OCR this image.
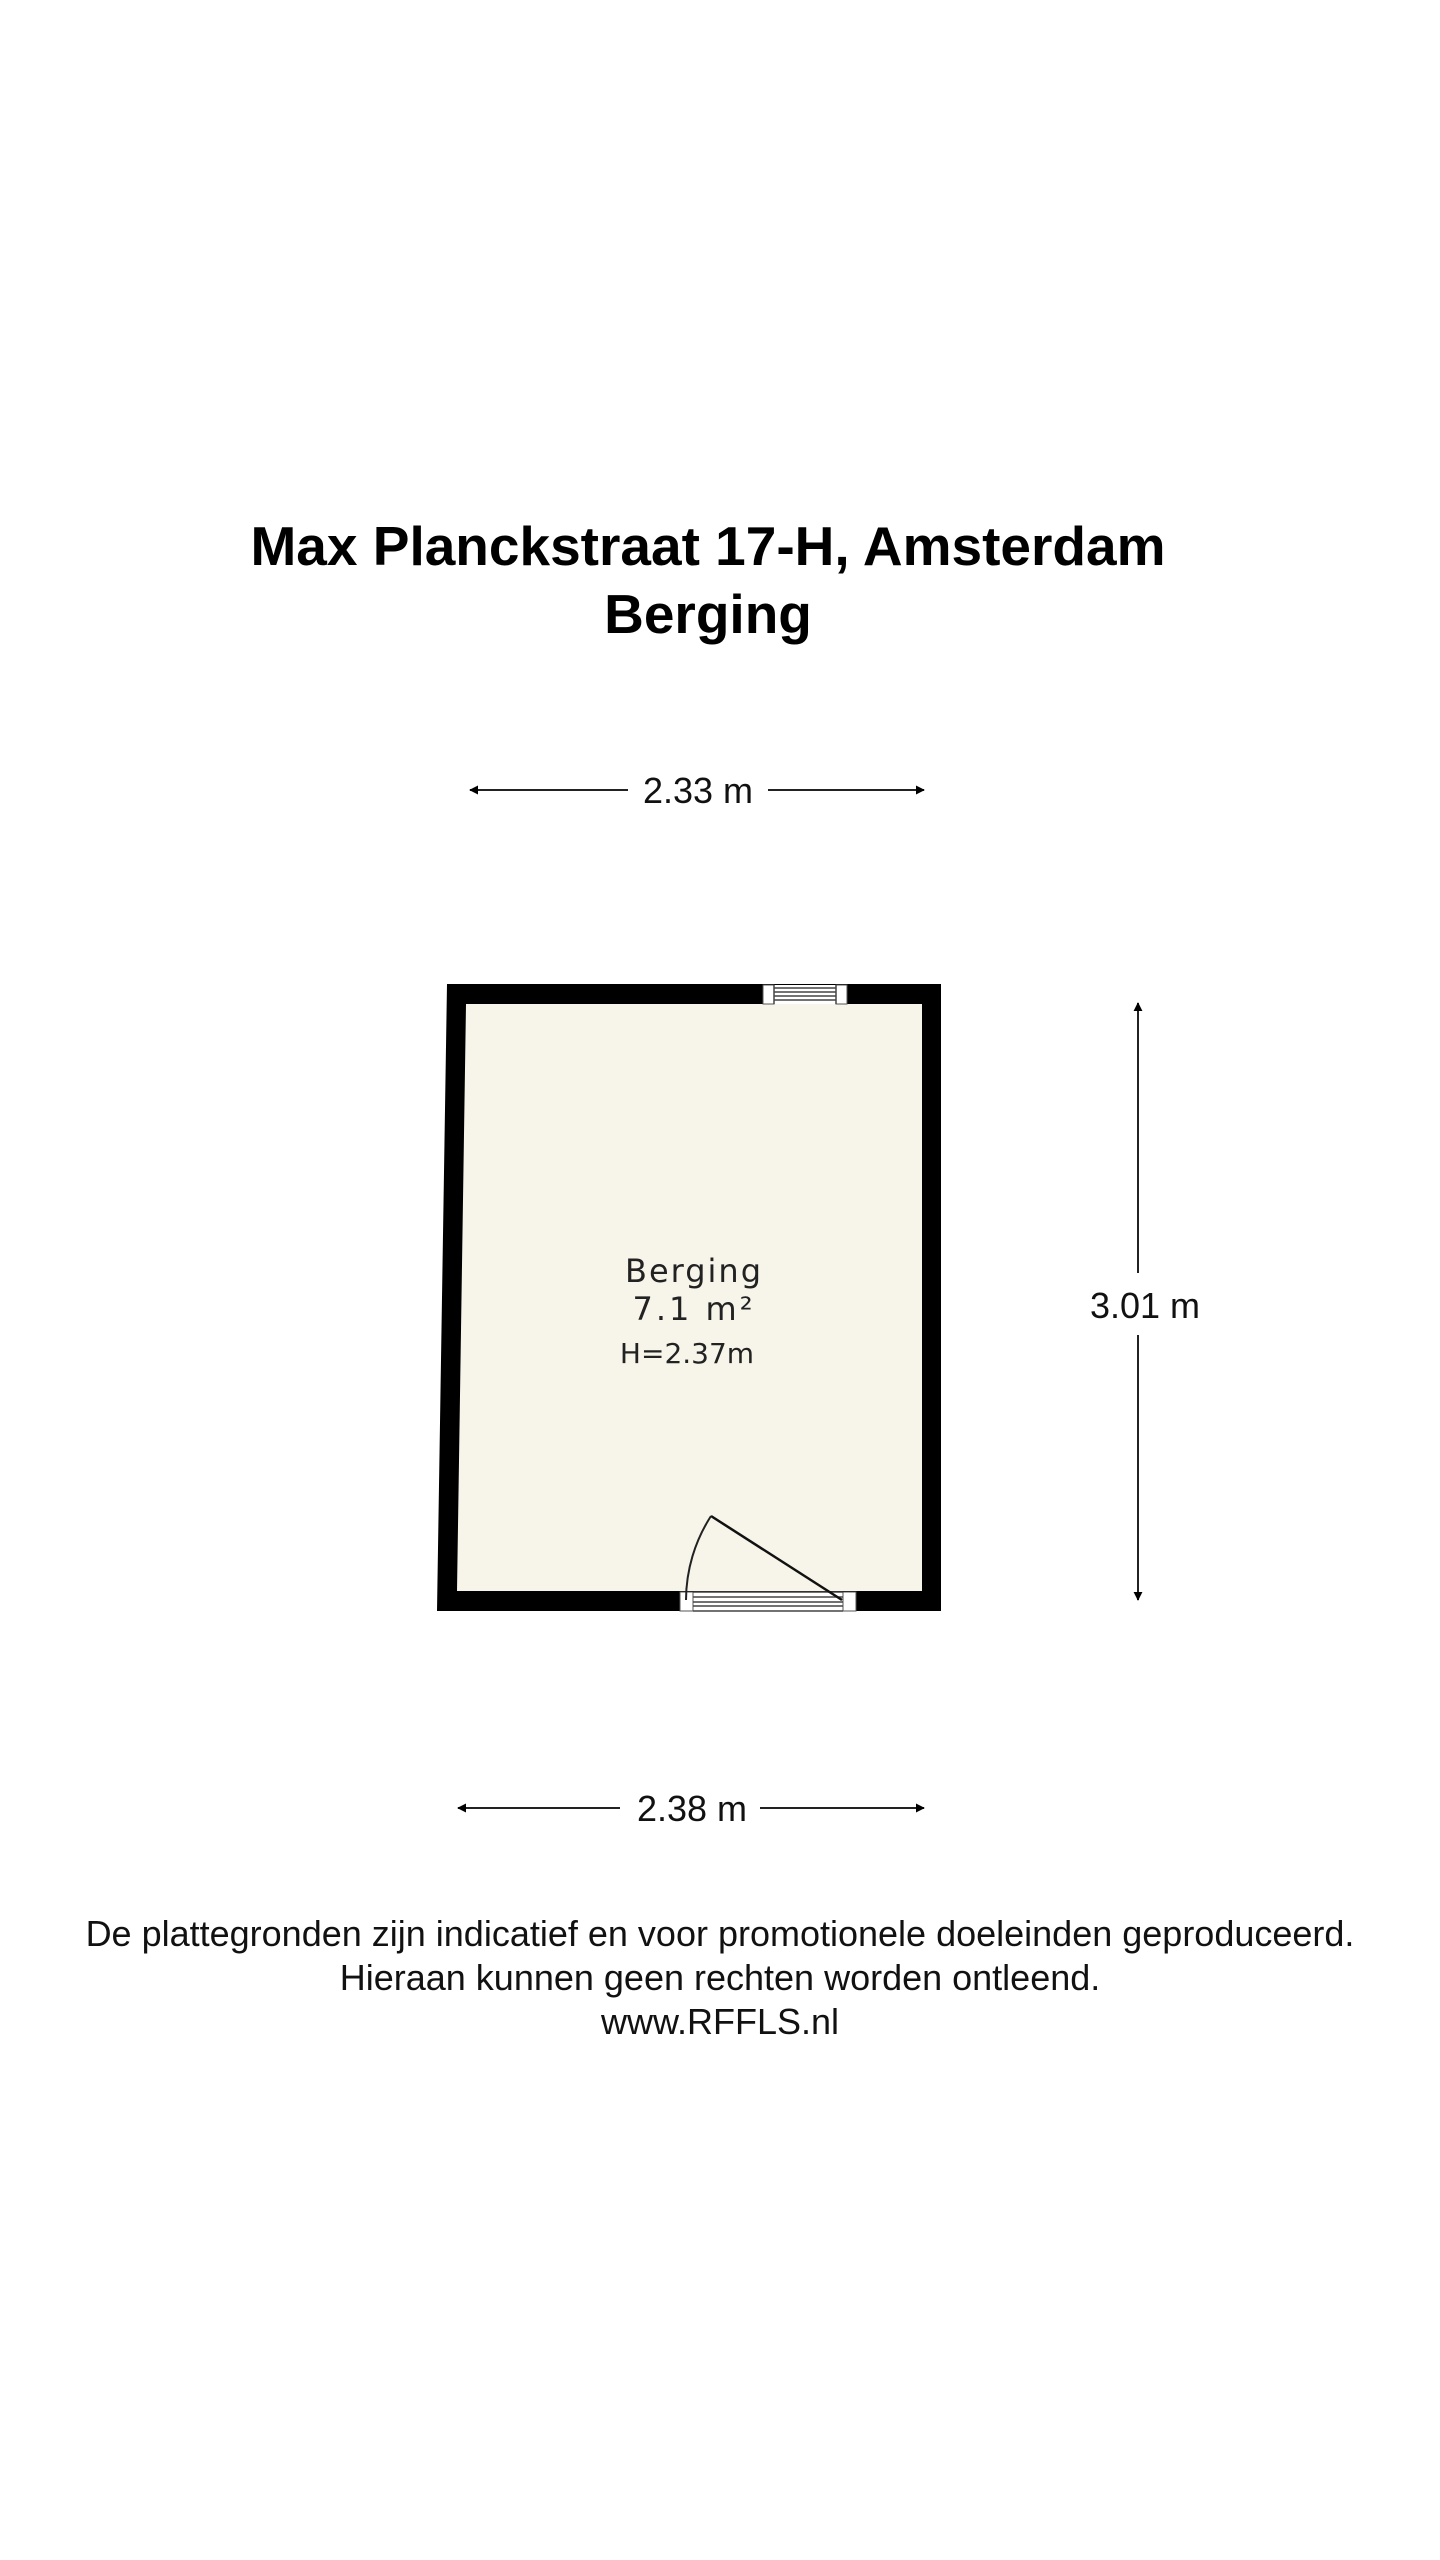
Max Planckstraat 17-H, Amsterdam
Berging
2.33 m
Berging
7.1 m²
H=2.37m
3.01 m
2.38 m
De plattegronden zijn indicatief en voor promotionele doeleinden geproduceerd.
Hieraan kunnen geen rechten worden ontleend.
www.RFFLS.nl
